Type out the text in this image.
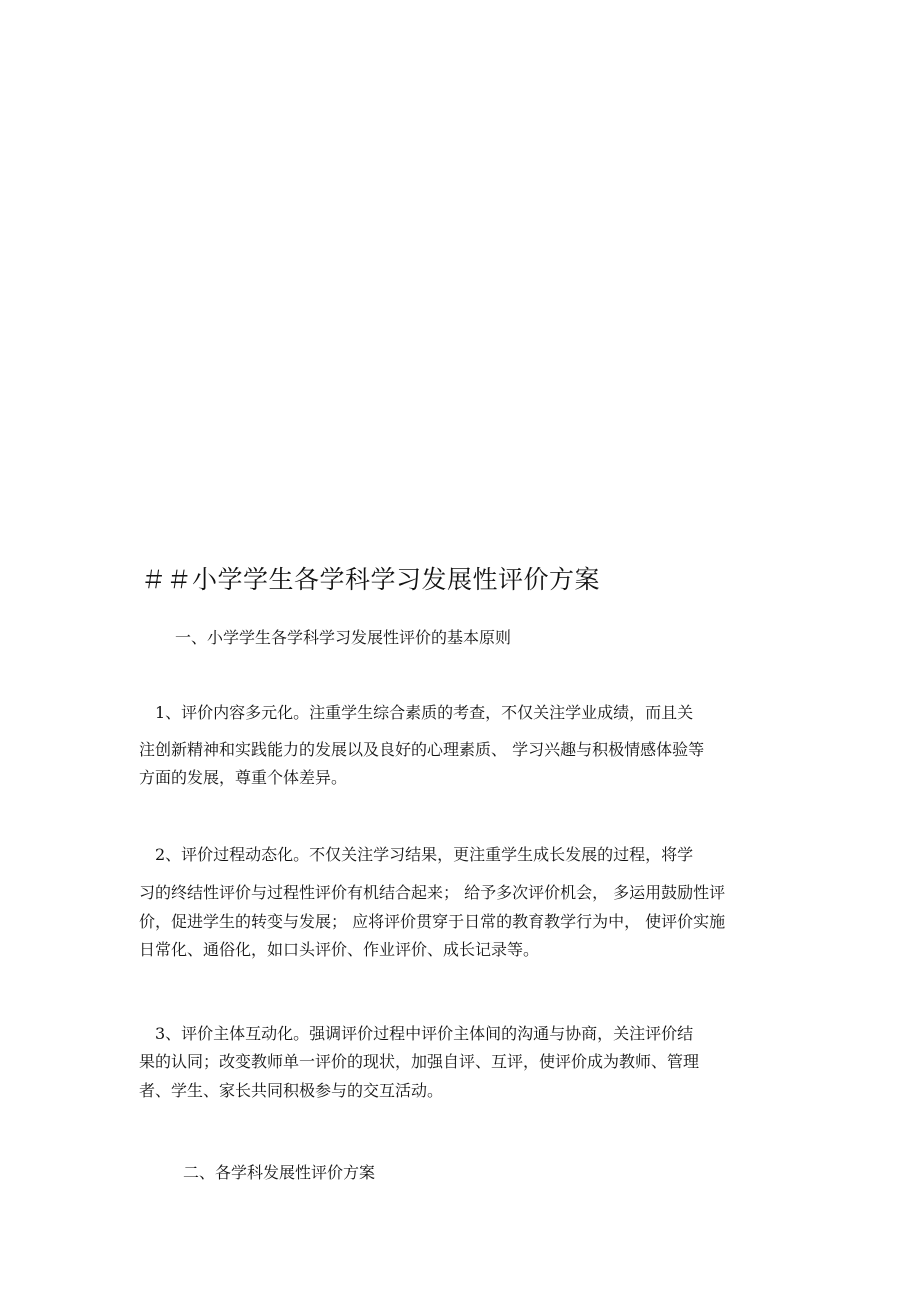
＃＃小学学生各学科学习发展性评价方案
一、小学学生各学科学习发展性评价的基本原则
1、评价内容多元化。注重学生综合素质的考查，不仅关注学业成绩，而且关
注创新精神和实践能力的发展以及良好的心理素质、 学习兴趣与积极情感体验等
方面的发展，尊重个体差异。
2、评价过程动态化。不仅关注学习结果，更注重学生成长发展的过程，将学
习的终结性评价与过程性评价有机结合起来； 给予多次评价机会， 多运用鼓励性评
价，促进学生的转变与发展； 应将评价贯穿于日常的教育教学行为中， 使评价实施
日常化、通俗化，如口头评价、作业评价、成长记录等。
3、评价主体互动化。强调评价过程中评价主体间的沟通与协商，关注评价结
果的认同；改变教师单一评价的现状，加强自评、互评，使评价成为教师、管理
者、学生、家长共同积极参与的交互活动。
二、各学科发展性评价方案
